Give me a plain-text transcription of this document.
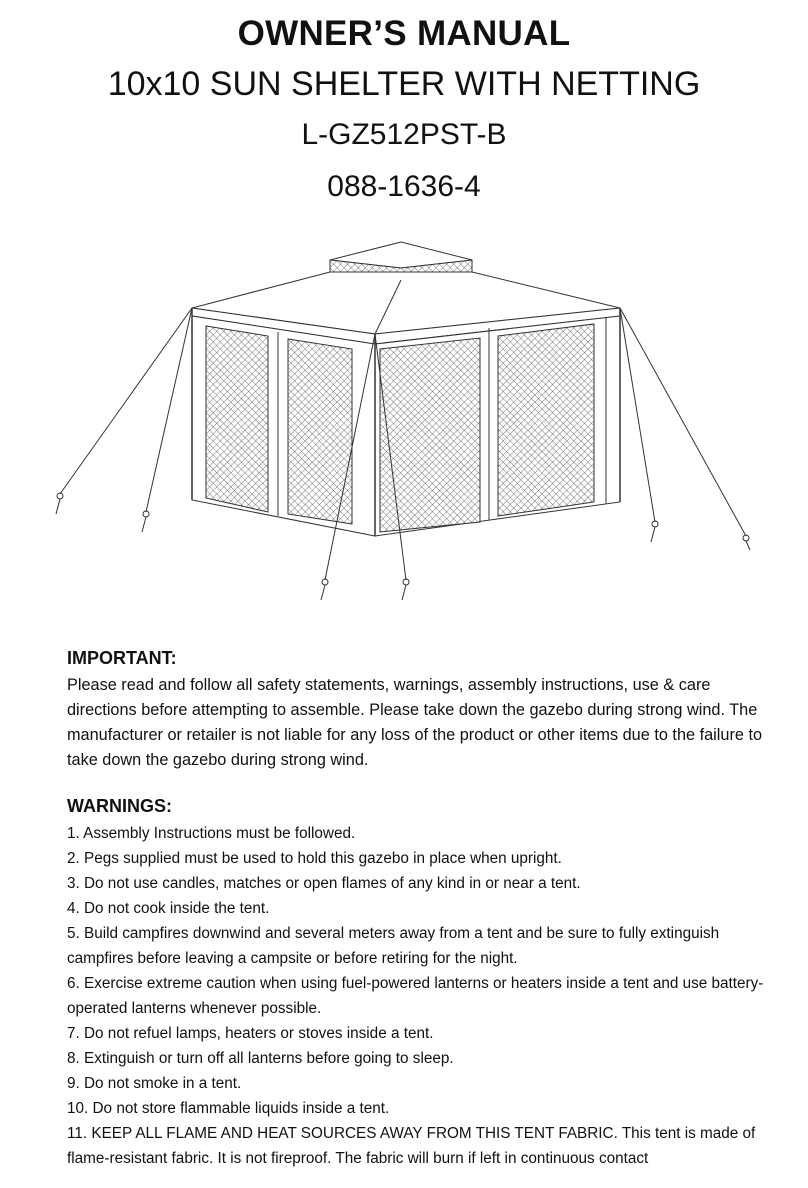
OWNER’S MANUAL
10x10 SUN SHELTER WITH NETTING
L-GZ512PST-B
088-1636-4

IMPORTANT:

Please read and follow all safety statements, warnings, assembly instructions, use & care directions before attempting to assemble. Please take down the gazebo during strong wind. The manufacturer or retailer is not liable for any loss of the product or other items due to the failure to take down the gazebo during strong wind.

WARNINGS:

1. Assembly Instructions must be followed.

2. Pegs supplied must be used to hold this gazebo in place when upright.

3. Do not use candles, matches or open flames of any kind in or near a tent.

4. Do not cook inside the tent.

5. Build campfires downwind and several meters away from a tent and be sure to fully extinguish campfires before leaving a campsite or before retiring for the night.

6. Exercise extreme caution when using fuel-powered lanterns or heaters inside a tent and use battery-operated lanterns whenever possible.

7. Do not refuel lamps, heaters or stoves inside a tent.

8. Extinguish or turn off all lanterns before going to sleep.

9. Do not smoke in a tent.

10. Do not store flammable liquids inside a tent.

11. KEEP ALL FLAME AND HEAT SOURCES AWAY FROM THIS TENT FABRIC. This tent is made of flame-resistant fabric. It is not fireproof. The fabric will burn if left in continuous contact
